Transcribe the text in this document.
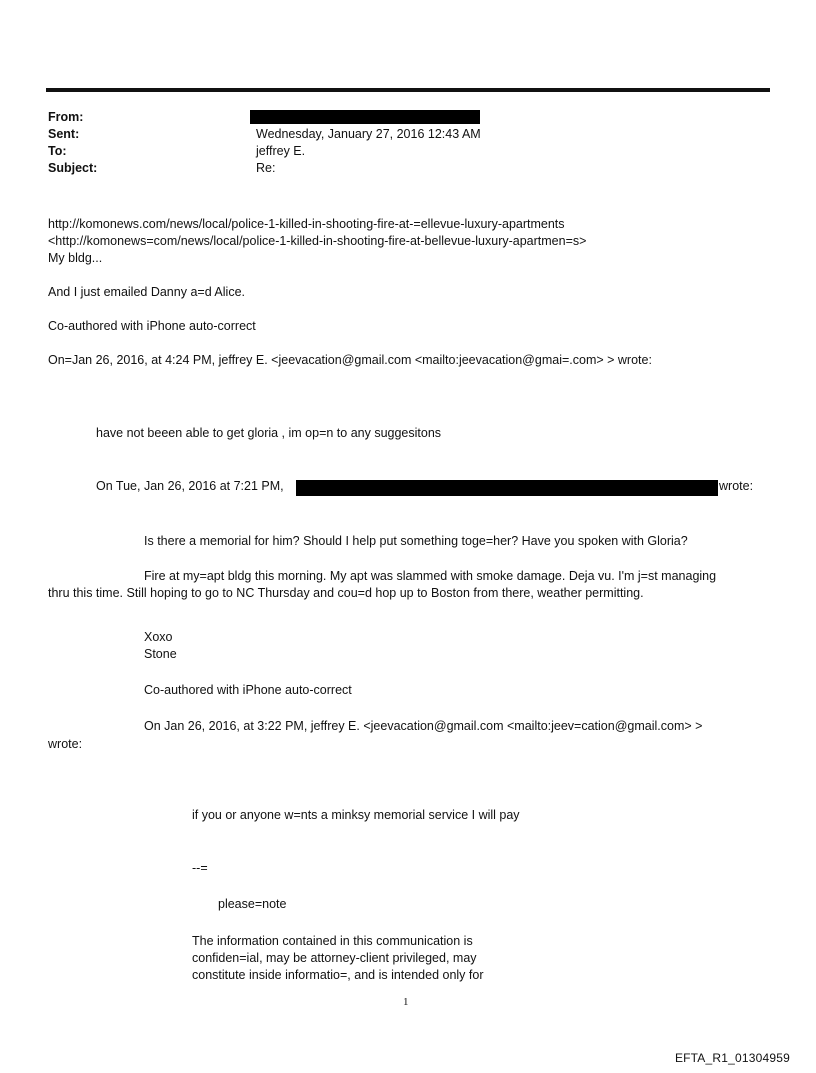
From:
Sent:	Wednesday, January 27, 2016 12:43 AM
To:	jeffrey E.
Subject:	Re:
http://komonews.com/news/local/police-1-killed-in-shooting-fire-at-=ellevue-luxury-apartments
<http://komonews=com/news/local/police-1-killed-in-shooting-fire-at-bellevue-luxury-apartmen=s>
My bldg...
And I just emailed Danny a=d Alice.
Co-authored with iPhone auto-correct
On=Jan 26, 2016, at 4:24 PM, jeffrey E. <jeevacation@gmail.com <mailto:jeevacation@gmai=.com> > wrote:
have not beeen able to get gloria , im op=n to any suggesitons
On Tue, Jan 26, 2016 at 7:21 PM,	wrote:
Is there a memorial for him? Should I help put something toge=her? Have you spoken with Gloria?
Fire at my=apt bldg this morning. My apt was slammed with smoke damage. Deja vu. I'm j=st managing
thru this time. Still hoping to go to NC Thursday and cou=d hop up to Boston from there, weather permitting.
Xoxo
Stone
Co-authored with iPhone auto-correct
On Jan 26, 2016, at 3:22 PM, jeffrey E. <jeevacation@gmail.com <mailto:jeev=cation@gmail.com> >
wrote:
if you or anyone w=nts a minksy memorial service I will pay
--=
please=note
The information contained in this communication is
confiden=ial, may be attorney-client privileged, may
constitute inside informatio=, and is intended only for
1
EFTA_R1_01304959
